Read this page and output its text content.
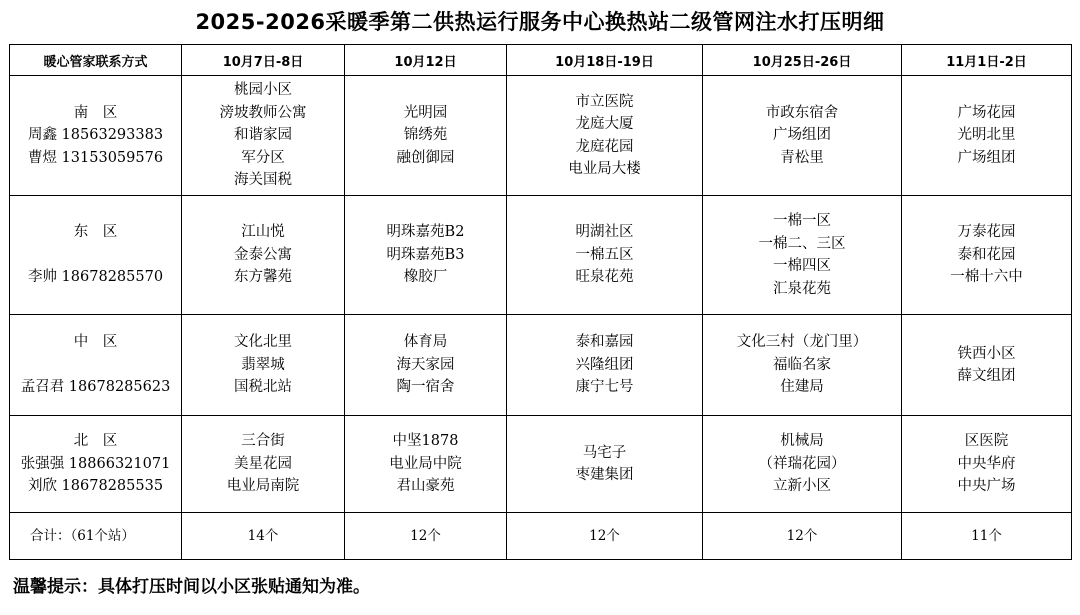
2025-2026采暖季第二供热运行服务中心换热站二级管网注水打压明细
暖心管家联系方式	10月7日-8日	10月12日	10月18日-19日	10月25日-26日	11月1日-2日

南　区
周鑫 18563293383
曹煜 13153059576	桃园小区
滂坡教师公寓
和谐家园
军分区
海关国税	光明园
锦绣苑
融创御园	市立医院
龙庭大厦
龙庭花园
电业局大楼	市政东宿舍
广场组团
青松里	广场花园
光明北里
广场组团

东　区
李帅 18678285570	江山悦
金泰公寓
东方馨苑	明珠嘉苑B2
明珠嘉苑B3
橡胶厂	明湖社区
一棉五区
旺泉花苑	一棉一区
一棉二、三区
一棉四区
汇泉花苑	万泰花园
泰和花园
一棉十六中

中　区
孟召君 18678285623	文化北里
翡翠城
国税北站	体育局
海天家园
陶一宿舍	泰和嘉园
兴隆组团
康宁七号	文化三村（龙门里）
福临名家
住建局	铁西小区
薛文组团

北　区
张强强 18866321071
刘欣 18678285535	三合街
美星花园
电业局南院	中坚1878
电业局中院
君山豪苑	马宅子
枣建集团	机械局
（祥瑞花园）
立新小区	区医院
中央华府
中央广场

合计：（61个站）	14个	12个	12个	12个	11个
温馨提示：具体打压时间以小区张贴通知为准。
